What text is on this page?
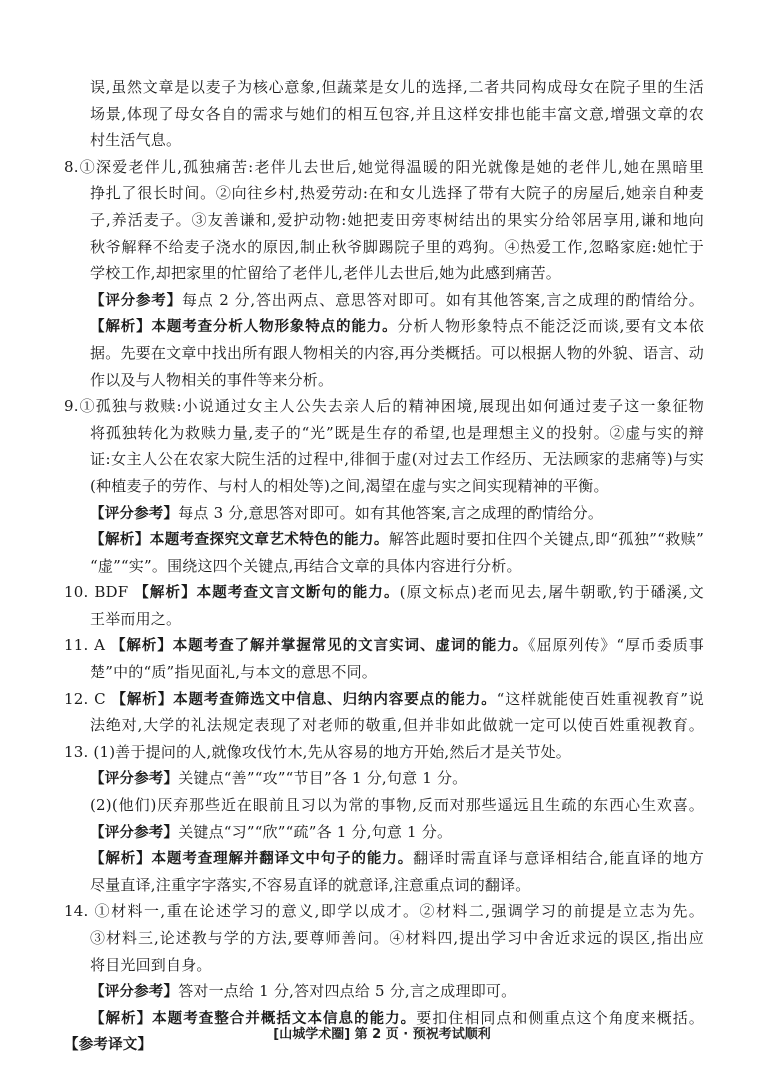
误,虽然文章是以麦子为核心意象,但蔬菜是女儿的选择,二者共同构成母女在院子里的生活
场景,体现了母女各自的需求与她们的相互包容,并且这样安排也能丰富文意,增强文章的农
村生活气息。
8.①深爱老伴儿,孤独痛苦:老伴儿去世后,她觉得温暖的阳光就像是她的老伴儿,她在黑暗里
挣扎了很长时间。②向往乡村,热爱劳动:在和女儿选择了带有大院子的房屋后,她亲自种麦
子,养活麦子。③友善谦和,爱护动物:她把麦田旁枣树结出的果实分给邻居享用,谦和地向
秋爷解释不给麦子浇水的原因,制止秋爷脚踢院子里的鸡狗。④热爱工作,忽略家庭:她忙于
学校工作,却把家里的忙留给了老伴儿,老伴儿去世后,她为此感到痛苦。
【评分参考】每点 2 分,答出两点、意思答对即可。如有其他答案,言之成理的酌情给分。
【解析】本题考查分析人物形象特点的能力。分析人物形象特点不能泛泛而谈,要有文本依
据。先要在文章中找出所有跟人物相关的内容,再分类概括。可以根据人物的外貌、语言、动
作以及与人物相关的事件等来分析。
9.①孤独与救赎:小说通过女主人公失去亲人后的精神困境,展现出如何通过麦子这一象征物
将孤独转化为救赎力量,麦子的“光”既是生存的希望,也是理想主义的投射。②虚与实的辩
证:女主人公在农家大院生活的过程中,徘徊于虚(对过去工作经历、无法顾家的悲痛等)与实
(种植麦子的劳作、与村人的相处等)之间,渴望在虚与实之间实现精神的平衡。
【评分参考】每点 3 分,意思答对即可。如有其他答案,言之成理的酌情给分。
【解析】本题考查探究文章艺术特色的能力。解答此题时要扣住四个关键点,即“孤独”“救赎”
“虚”“实”。围绕这四个关键点,再结合文章的具体内容进行分析。
10. BDF 【解析】本题考查文言文断句的能力。(原文标点)老而见去,屠牛朝歌,钓于磻溪,文
王举而用之。
11. A 【解析】本题考查了解并掌握常见的文言实词、虚词的能力。《屈原列传》“厚币委质事
楚”中的“质”指见面礼,与本文的意思不同。
12. C 【解析】本题考查筛选文中信息、归纳内容要点的能力。“这样就能使百姓重视教育”说
法绝对,大学的礼法规定表现了对老师的敬重,但并非如此做就一定可以使百姓重视教育。
13. (1)善于提问的人,就像攻伐竹木,先从容易的地方开始,然后才是关节处。
【评分参考】关键点“善”“攻”“节目”各 1 分,句意 1 分。
(2)(他们)厌弃那些近在眼前且习以为常的事物,反而对那些遥远且生疏的东西心生欢喜。
【评分参考】关键点“习”“欣”“疏”各 1 分,句意 1 分。
【解析】本题考查理解并翻译文中句子的能力。翻译时需直译与意译相结合,能直译的地方
尽量直译,注重字字落实,不容易直译的就意译,注意重点词的翻译。
14. ①材料一,重在论述学习的意义,即学以成才。②材料二,强调学习的前提是立志为先。
③材料三,论述教与学的方法,要尊师善问。④材料四,提出学习中舍近求远的误区,指出应
将目光回到自身。
【评分参考】答对一点给 1 分,答对四点给 5 分,言之成理即可。
【解析】本题考查整合并概括文本信息的能力。要扣住相同点和侧重点这个角度来概括。
【参考译文】
[山城学术圈] 第 2 页 · 预祝考试顺利
